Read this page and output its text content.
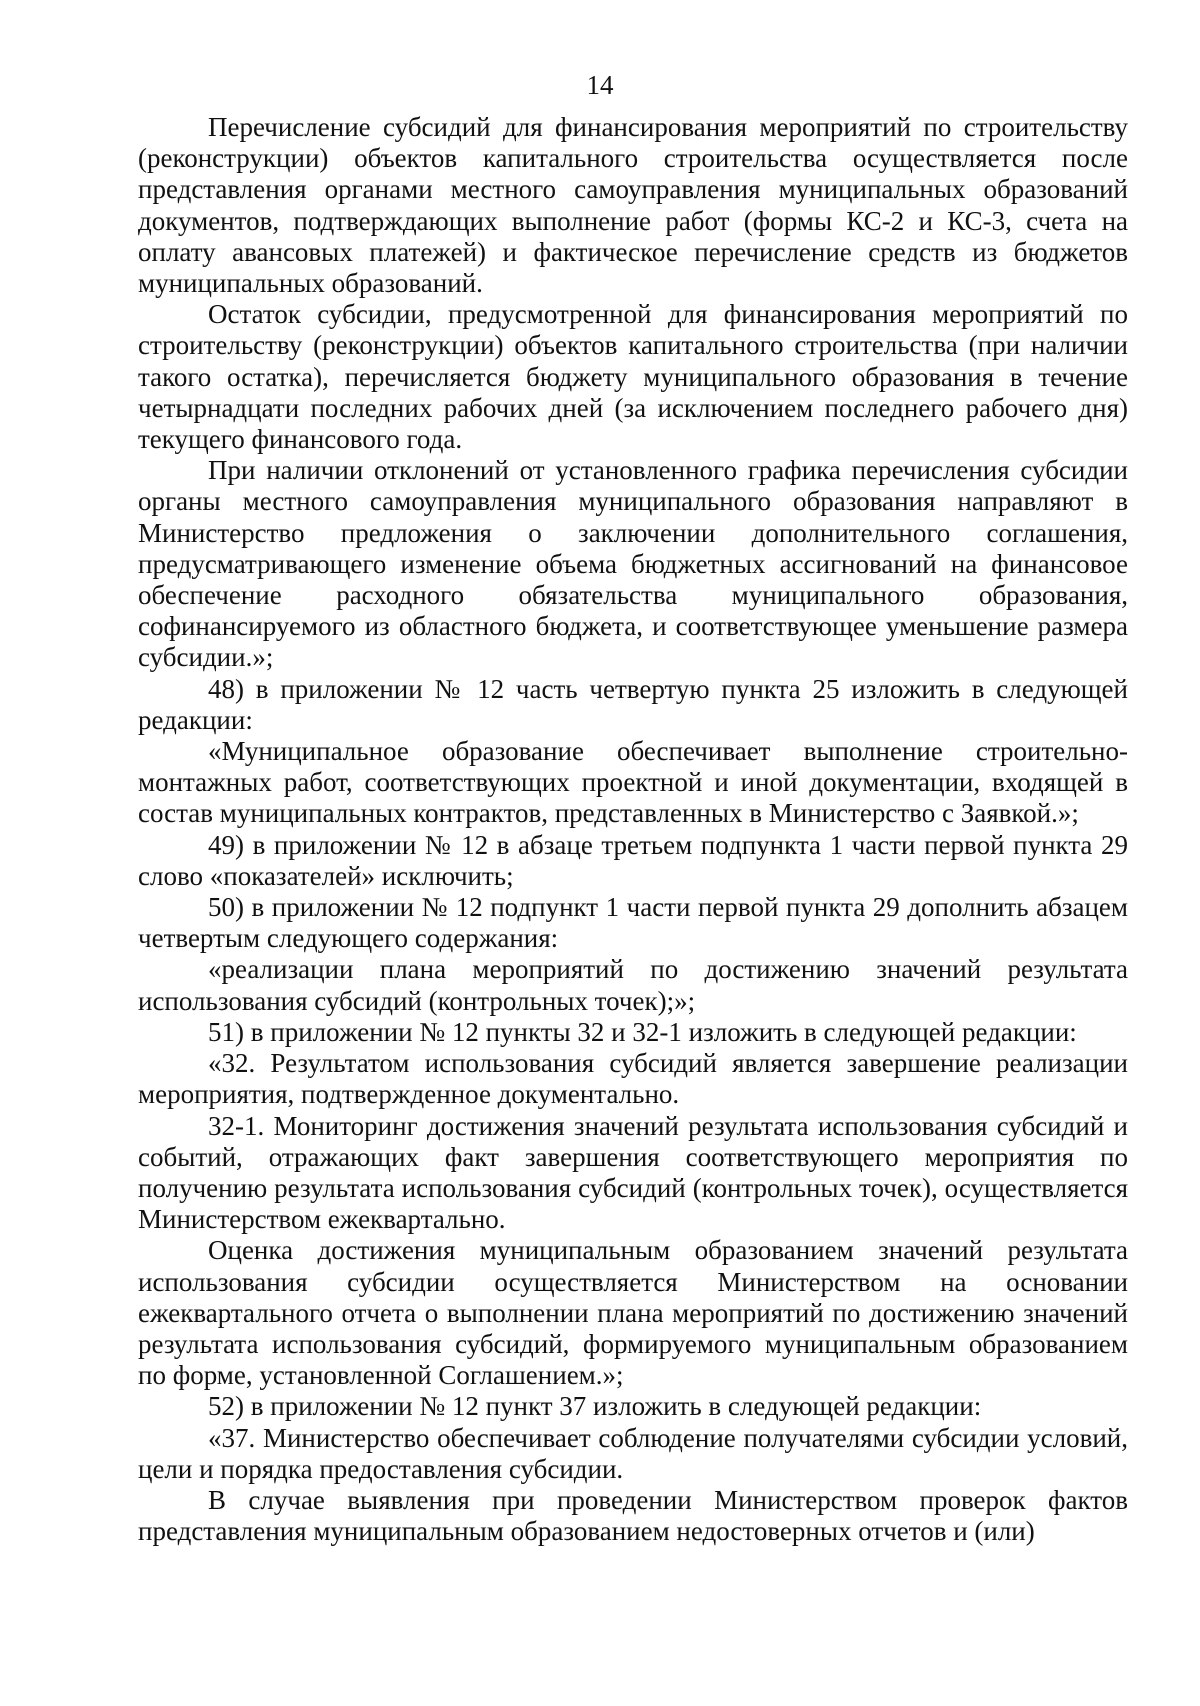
14

Перечисление субсидий для финансирования мероприятий по строительству (реконструкции) объектов капитального строительства осуществляется после представления органами местного самоуправления муниципальных образований документов, подтверждающих выполнение работ (формы КС-2 и КС-3, счета на оплату авансовых платежей) и фактическое перечисление средств из бюджетов муниципальных образований.

Остаток субсидии, предусмотренной для финансирования мероприятий по строительству (реконструкции) объектов капитального строительства (при наличии такого остатка), перечисляется бюджету муниципального образования в течение четырнадцати последних рабочих дней (за исключением последнего рабочего дня) текущего финансового года.

При наличии отклонений от установленного графика перечисления субсидии органы местного самоуправления муниципального образования направляют в Министерство предложения о заключении дополнительного соглашения, предусматривающего изменение объема бюджетных ассигнований на финансовое обеспечение расходного обязательства муниципального образования, софинансируемого из областного бюджета, и соответствующее уменьшение размера субсидии.»;

48) в приложении № 12 часть четвертую пункта 25 изложить в следующей редакции:

«Муниципальное образование обеспечивает выполнение строительно-монтажных работ, соответствующих проектной и иной документации, входящей в состав муниципальных контрактов, представленных в Министерство с Заявкой.»;

49) в приложении № 12 в абзаце третьем подпункта 1 части первой пункта 29 слово «показателей» исключить;

50) в приложении № 12 подпункт 1 части первой пункта 29 дополнить абзацем четвертым следующего содержания:

«реализации плана мероприятий по достижению значений результата использования субсидий (контрольных точек);»;

51) в приложении № 12 пункты 32 и 32-1 изложить в следующей редакции:

«32. Результатом использования субсидий является завершение реализации мероприятия, подтвержденное документально.

32-1. Мониторинг достижения значений результата использования субсидий и событий, отражающих факт завершения соответствующего мероприятия по получению результата использования субсидий (контрольных точек), осуществляется Министерством ежеквартально.

Оценка достижения муниципальным образованием значений результата использования субсидии осуществляется Министерством на основании ежеквартального отчета о выполнении плана мероприятий по достижению значений результата использования субсидий, формируемого муниципальным образованием по форме, установленной Соглашением.»;

52) в приложении № 12 пункт 37 изложить в следующей редакции:

«37. Министерство обеспечивает соблюдение получателями субсидии условий, цели и порядка предоставления субсидии.

В случае выявления при проведении Министерством проверок фактов представления муниципальным образованием недостоверных отчетов и (или)
